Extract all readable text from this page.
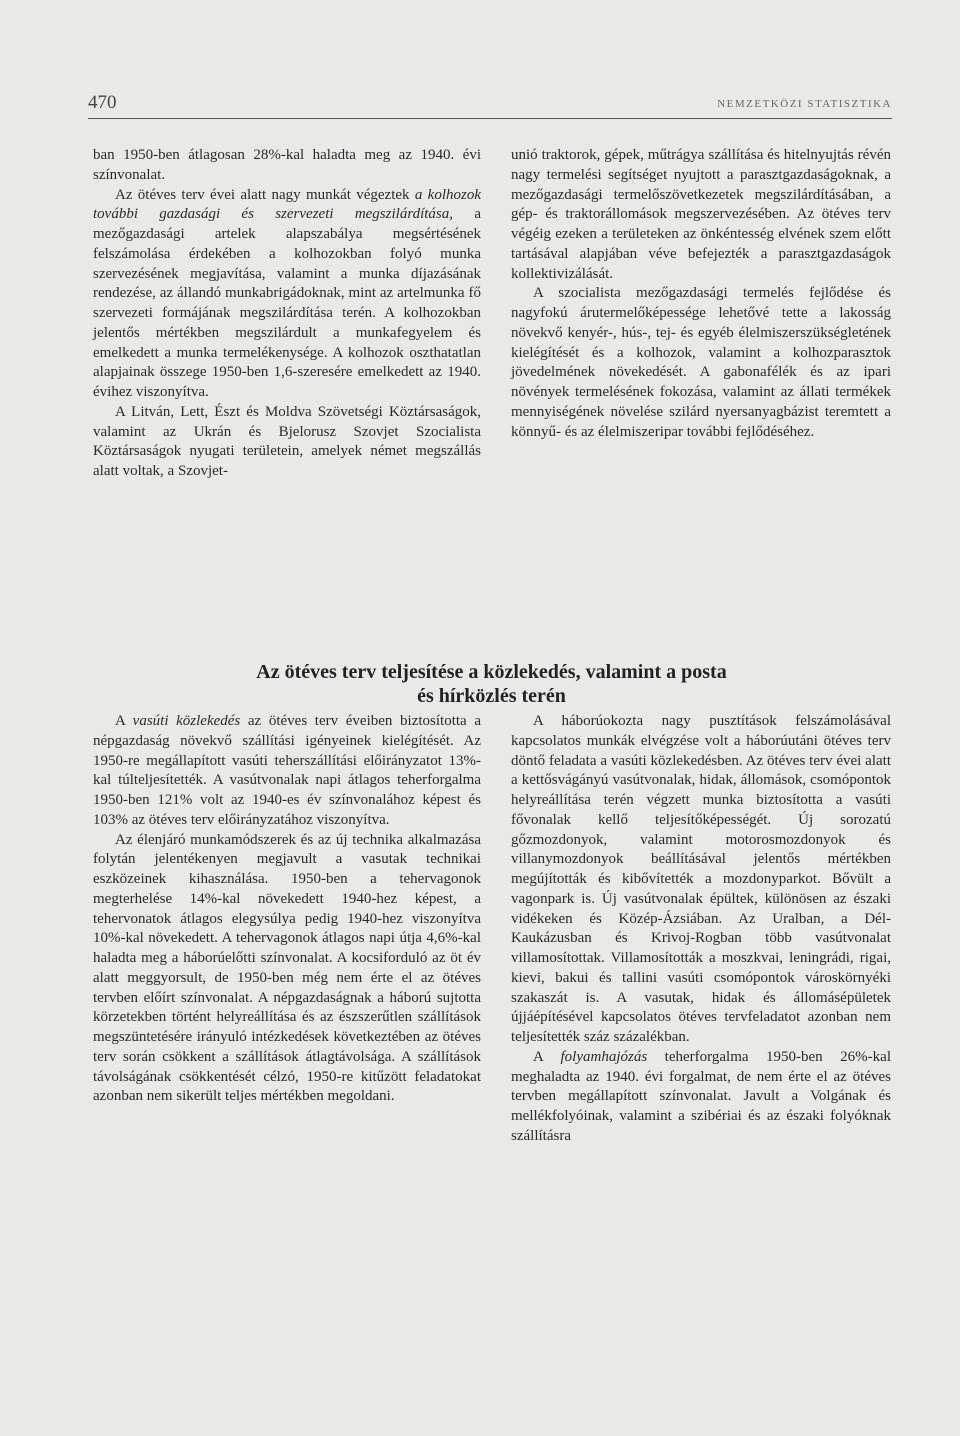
470	NEMZETKÖZI STATISZTIKA

ban 1950-ben átlagosan 28%-kal haladta meg az 1940. évi színvonalat.

Az ötéves terv évei alatt nagy munkát végeztek a kolhozok további gazdasági és szervezeti megszilárdítása, a mezőgazdasági artelek alapszabálya megsértésének felszámolása érdekében a kolhozokban folyó munka szervezésének megjavítása, valamint a munka díjazásának rendezése, az állandó munkabrigádoknak, mint az artelmunka fő szervezeti formájának megszilárdítása terén. A kolhozokban jelentős mértékben megszilárdult a munkafegyelem és emelkedett a munka termelékenysége. A kolhozok oszthatatlan alapjainak összege 1950-ben 1,6-szeresére emelkedett az 1940. évihez viszonyítva.

A Litván, Lett, Észt és Moldva Szövetségi Köztársaságok, valamint az Ukrán és Bjelorusz Szovjet Szocialista Köztársaságok nyugati területein, amelyek német megszállás alatt voltak, a Szovjet-

unió traktorok, gépek, műtrágya szállítása és hitelnyujtás révén nagy termelési segítséget nyujtott a parasztgazdaságoknak, a mezőgazdasági termelőszövetkezetek megszilárdításában, a gép- és traktorállomások megszervezésében. Az ötéves terv végéig ezeken a területeken az önkéntesség elvének szem előtt tartásával alapjában véve befejezték a parasztgazdaságok kollektivizálását.

A szocialista mezőgazdasági termelés fejlődése és nagyfokú árutermelőképessége lehetővé tette a lakosság növekvő kenyér-, hús-, tej- és egyéb élelmiszerszükségletének kielégítését és a kolhozok, valamint a kolhozparasztok jövedelmének növekedését. A gabonafélék és az ipari növények termelésének fokozása, valamint az állati termékek mennyiségének növelése szilárd nyersanyagbázist teremtett a könnyű- és az élelmiszeripar további fejlődéséhez.

Az ötéves terv teljesítése a közlekedés, valamint a posta
és hírközlés terén

A vasúti közlekedés az ötéves terv éveiben biztosította a népgazdaság növekvő szállítási igényeinek kielégítését. Az 1950-re megállapított vasúti teherszállítási előirányzatot 13%-kal túlteljesítették. A vasútvonalak napi átlagos teherforgalma 1950-ben 121% volt az 1940-es év színvonalához képest és 103% az ötéves terv előirányzatához viszonyítva.

Az élenjáró munkamódszerek és az új technika alkalmazása folytán jelentékenyen megjavult a vasutak technikai eszközeinek kihasználása. 1950-ben a tehervagonok megterhelése 14%-kal növekedett 1940-hez képest, a tehervonatok átlagos elegysúlya pedig 1940-hez viszonyítva 10%-kal növekedett. A tehervagonok átlagos napi útja 4,6%-kal haladta meg a háborúelőtti színvonalat. A kocsiforduló az öt év alatt meggyorsult, de 1950-ben még nem érte el az ötéves tervben előírt színvonalat. A népgazdaságnak a háború sujtotta körzetekben történt helyreállítása és az észszerűtlen szállítások megszüntetésére irányuló intézkedések következtében az ötéves terv során csökkent a szállítások átlagtávolsága. A szállítások távolságának csökkentését célzó, 1950-re kitűzött feladatokat azonban nem sikerült teljes mértékben megoldani.

A háborúokozta nagy pusztítások felszámolásával kapcsolatos munkák elvégzése volt a háborúutáni ötéves terv döntő feladata a vasúti közlekedésben. Az ötéves terv évei alatt a kettősvágányú vasútvonalak, hidak, állomások, csomópontok helyreállítása terén végzett munka biztosította a vasúti fővonalak kellő teljesítőképességét. Új sorozatú gőzmozdonyok, valamint motorosmozdonyok és villanymozdonyok beállításával jelentős mértékben megújították és kibővítették a mozdonyparkot. Bővült a vagonpark is. Új vasútvonalak épültek, különösen az északi vidékeken és Közép-Ázsiában. Az Uralban, a Dél-Kaukázusban és Krivoj-Rogban több vasútvonalat villamosítottak. Villamosították a moszkvai, leningrádi, rigai, kievi, bakui és tallini vasúti csomópontok városkörnyéki szakaszát is. A vasutak, hidak és állomásépületek újjáépítésével kapcsolatos ötéves tervfeladatot azonban nem teljesítették száz százalékban.

A folyamhajózás teherforgalma 1950-ben 26%-kal meghaladta az 1940. évi forgalmat, de nem érte el az ötéves tervben megállapított színvonalat. Javult a Volgának és mellékfolyóinak, valamint a szibériai és az északi folyóknak szállításra
